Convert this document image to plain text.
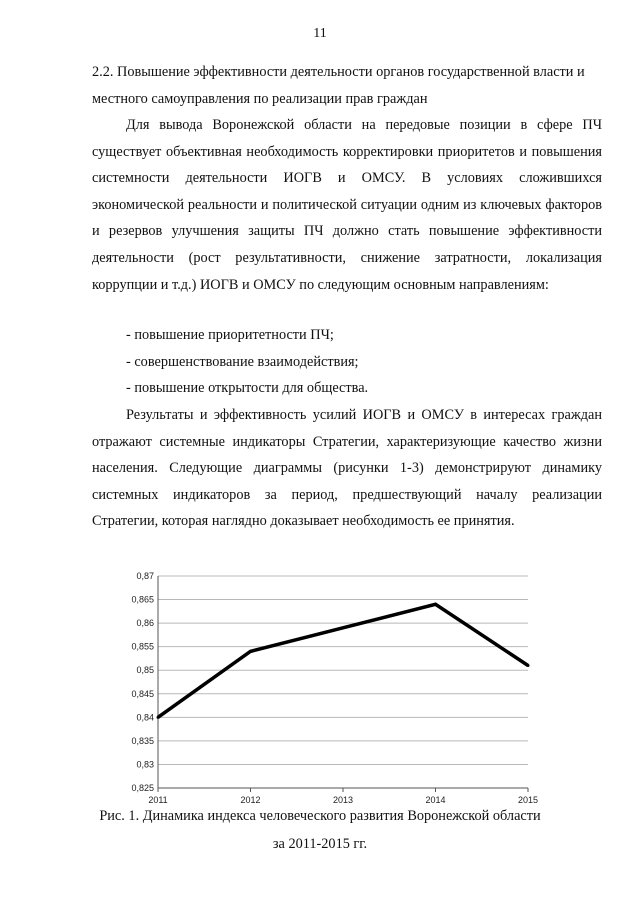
11
2.2. Повышение эффективности деятельности органов государственной власти и местного самоуправления по реализации прав граждан
Для вывода Воронежской области на передовые позиции в сфере ПЧ существует объективная необходимость корректировки приоритетов и повышения системности деятельности ИОГВ и ОМСУ. В условиях сложившихся экономической реальности и политической ситуации одним из ключевых факторов и резервов улучшения защиты ПЧ должно стать повышение эффективности деятельности (рост результативности, снижение затратности, локализация коррупции и т.д.) ИОГВ и ОМСУ по следующим основным направлениям:
- повышение приоритетности ПЧ;
- совершенствование взаимодействия;
- повышение открытости для общества.
Результаты и эффективность усилий ИОГВ и ОМСУ в интересах граждан отражают системные индикаторы Стратегии, характеризующие качество жизни населения. Следующие диаграммы (рисунки 1-3) демонстрируют динамику системных индикаторов за период, предшествующий началу реализации Стратегии, которая наглядно доказывает необходимость ее принятия.
0,825
0,83
0,835
0,84
0,845
0,85
0,855
0,86
0,865
0,87
2011	2012	2013	2014	2015
Рис. 1. Динамика индекса человеческого развития Воронежской области
за 2011-2015 гг.
